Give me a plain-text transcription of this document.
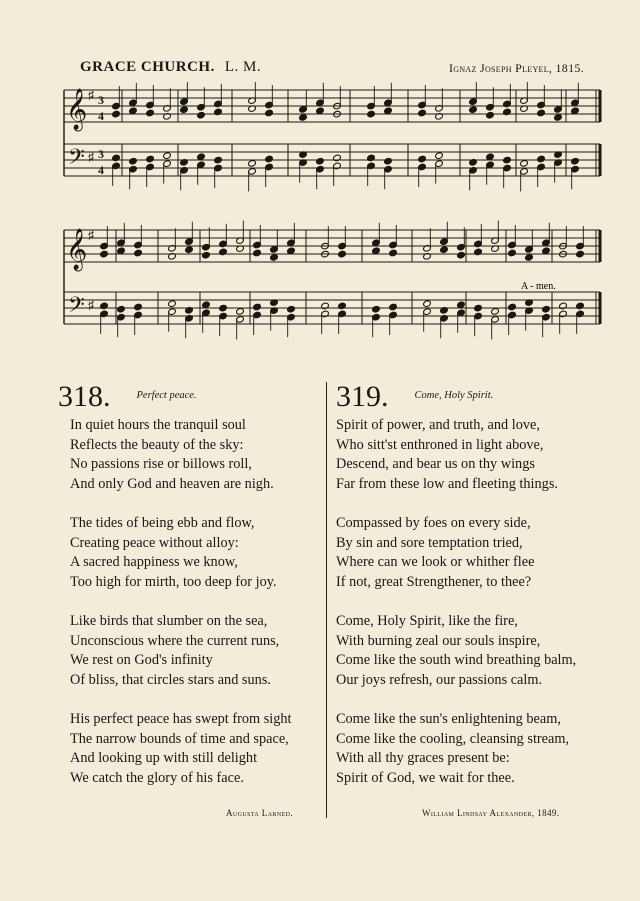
GRACE CHURCH. L. M.	Ignaz Joseph Pleyel, 1815.
𝄞
𝄢
♯
♯
3
4
3
4
𝄞
𝄢
♯
♯
A - men.
318. $^{Perfect peace.}$
In quiet hours the tranquil soul
Reflects the beauty of the sky:
No passions rise or billows roll,
And only God and heaven are nigh.
The tides of being ebb and flow,
Creating peace without alloy:
A sacred happiness we know,
Too high for mirth, too deep for joy.
Like birds that slumber on the sea,
Unconscious where the current runs,
We rest on God's infinity
Of bliss, that circles stars and suns.
His perfect peace has swept from sight
The narrow bounds of time and space,
And looking up with still delight
We catch the glory of his face.
Augusta Larned.
319. $^{Come, Holy Spirit.}$
Spirit of power, and truth, and love,
Who sitt'st enthroned in light above,
Descend, and bear us on thy wings
Far from these low and fleeting things.
Compassed by foes on every side,
By sin and sore temptation tried,
Where can we look or whither flee
If not, great Strengthener, to thee?
Come, Holy Spirit, like the fire,
With burning zeal our souls inspire,
Come like the south wind breathing balm,
Our joys refresh, our passions calm.
Come like the sun's enlightening beam,
Come like the cooling, cleansing stream,
With all thy graces present be:
Spirit of God, we wait for thee.
William Lindsay Alexander, 1849.
